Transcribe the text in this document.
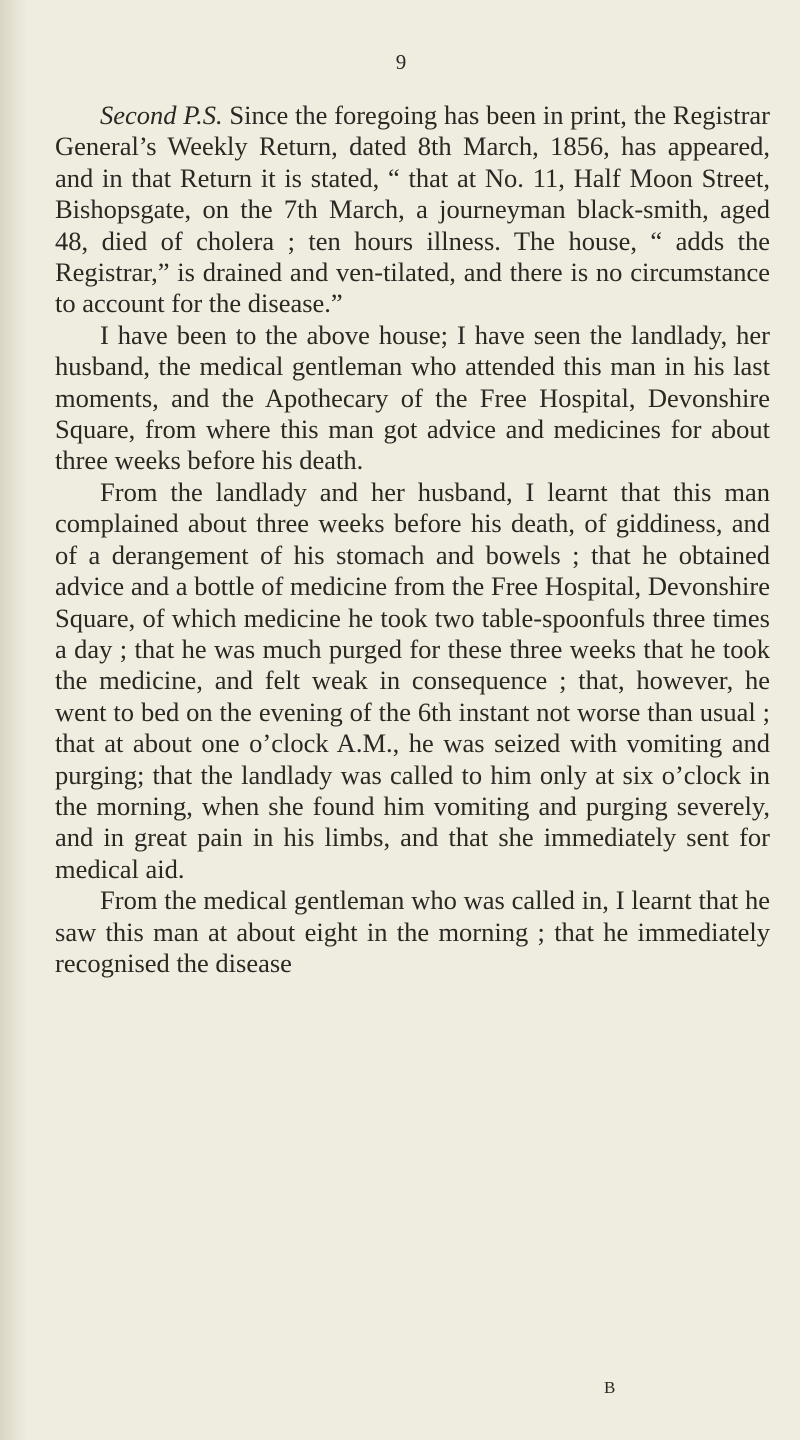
9

Second P.S. Since the foregoing has been in print, the Registrar General’s Weekly Return, dated 8th March, 1856, has appeared, and in that Return it is stated, “ that at No. 11, Half Moon Street, Bishopsgate, on the 7th March, a journeyman black-smith, aged 48, died of cholera ; ten hours illness. The house, “ adds the Registrar,” is drained and ven-tilated, and there is no circumstance to account for the disease.”

I have been to the above house; I have seen the landlady, her husband, the medical gentleman who attended this man in his last moments, and the Apothecary of the Free Hospital, Devonshire Square, from where this man got advice and medicines for about three weeks before his death.

From the landlady and her husband, I learnt that this man complained about three weeks before his death, of giddiness, and of a derangement of his stomach and bowels ; that he obtained advice and a bottle of medicine from the Free Hospital, Devonshire Square, of which medicine he took two table-spoonfuls three times a day ; that he was much purged for these three weeks that he took the medicine, and felt weak in consequence ; that, however, he went to bed on the evening of the 6th instant not worse than usual ; that at about one o’clock A.M., he was seized with vomiting and purging; that the landlady was called to him only at six o’clock in the morning, when she found him vomiting and purging severely, and in great pain in his limbs, and that she immediately sent for medical aid.

From the medical gentleman who was called in, I learnt that he saw this man at about eight in the morning ; that he immediately recognised the disease

B
